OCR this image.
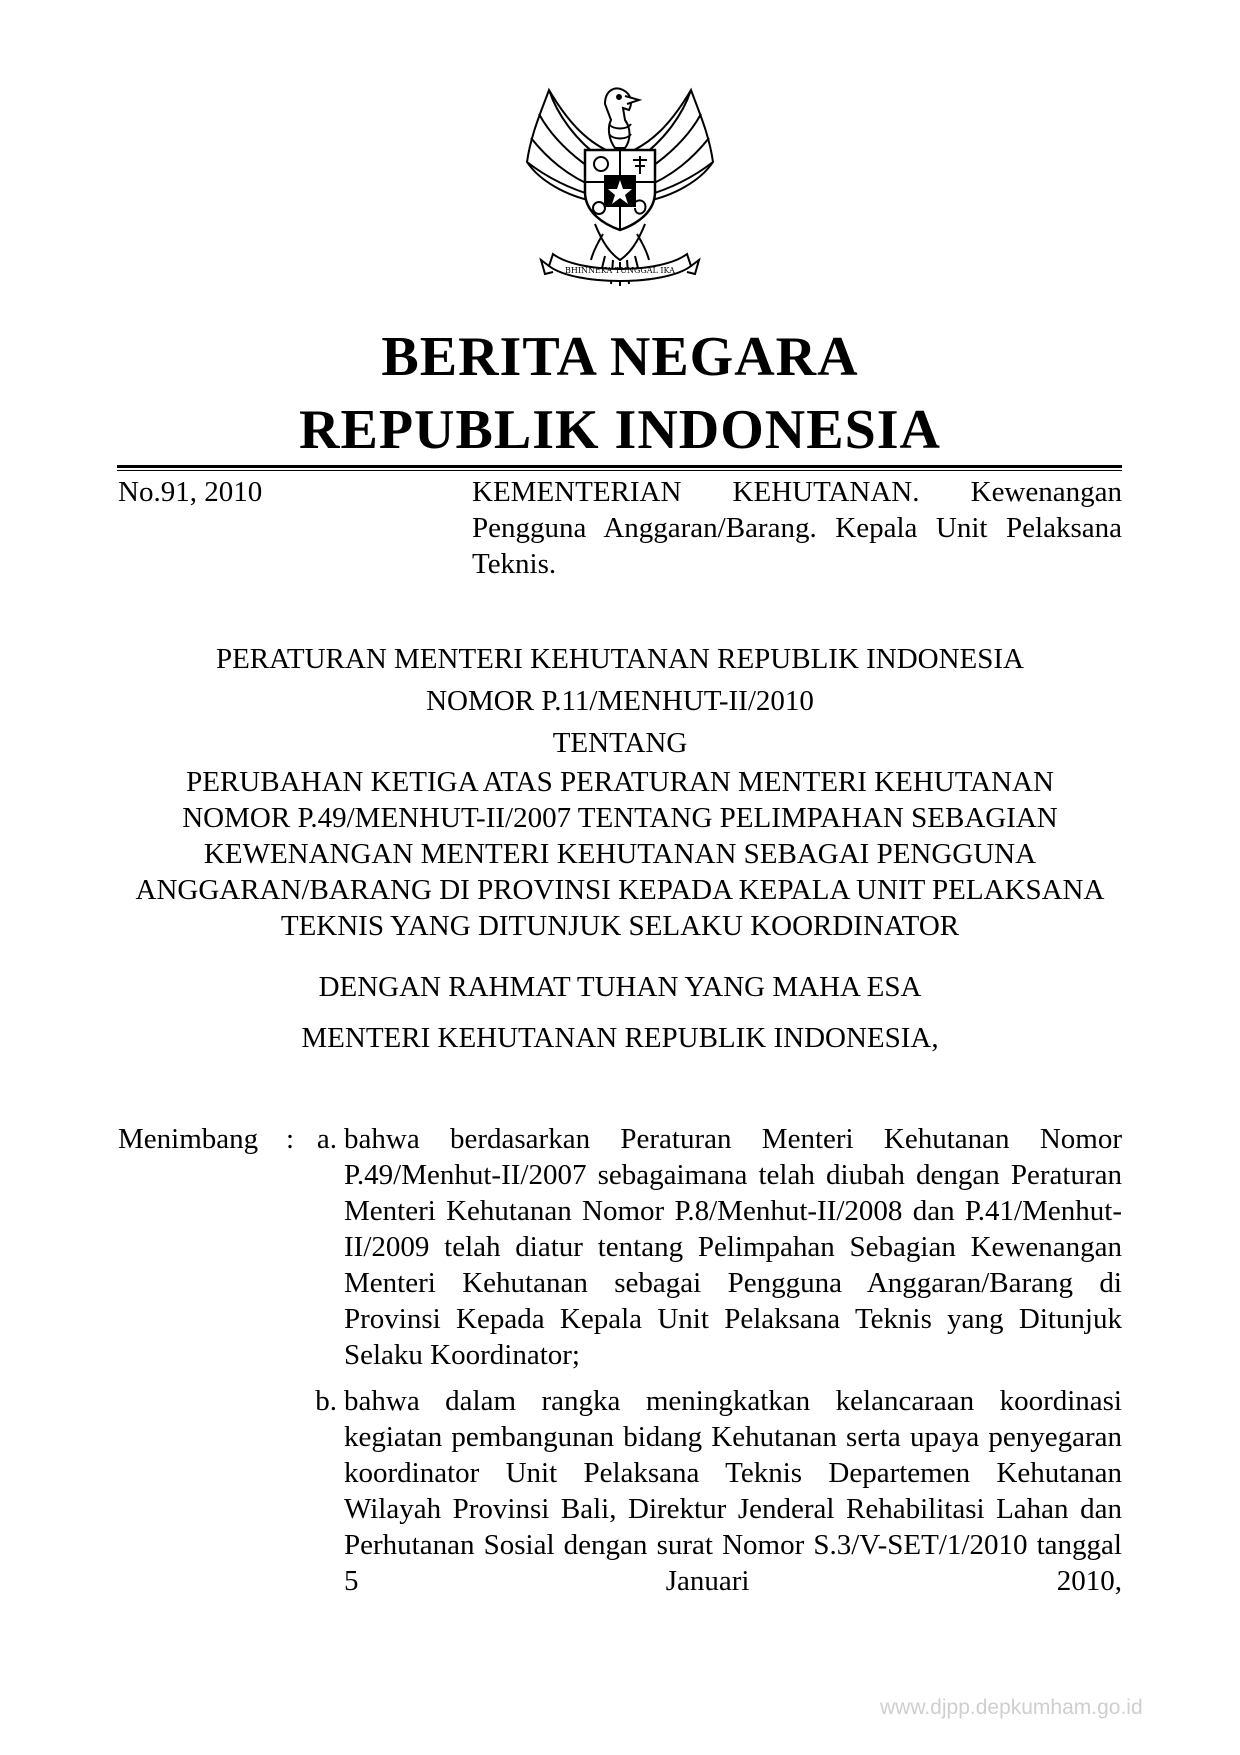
BHINNEKA TUNGGAL IKA
BERITA NEGARA
REPUBLIK INDONESIA
No.91, 2010	KEMENTERIAN KEHUTANAN. Kewenangan Pengguna Anggaran/Barang. Kepala Unit Pelaksana Teknis.
PERATURAN MENTERI KEHUTANAN REPUBLIK INDONESIA
NOMOR P.11/MENHUT-II/2010
TENTANG
PERUBAHAN KETIGA ATAS PERATURAN MENTERI KEHUTANAN NOMOR P.49/MENHUT-II/2007 TENTANG PELIMPAHAN SEBAGIAN KEWENANGAN MENTERI KEHUTANAN SEBAGAI PENGGUNA ANGGARAN/BARANG DI PROVINSI KEPADA KEPALA UNIT PELAKSANA TEKNIS YANG DITUNJUK SELAKU KOORDINATOR
DENGAN RAHMAT TUHAN YANG MAHA ESA
MENTERI KEHUTANAN REPUBLIK INDONESIA,
Menimbang : a. bahwa berdasarkan Peraturan Menteri Kehutanan Nomor P.49/Menhut-II/2007 sebagaimana telah diubah dengan Peraturan Menteri Kehutanan Nomor P.8/Menhut-II/2008 dan P.41/Menhut-II/2009 telah diatur tentang Pelimpahan Sebagian Kewenangan Menteri Kehutanan sebagai Pengguna Anggaran/Barang di Provinsi Kepada Kepala Unit Pelaksana Teknis yang Ditunjuk Selaku Koordinator;
b. bahwa dalam rangka meningkatkan kelancaraan koordinasi kegiatan pembangunan bidang Kehutanan serta upaya penyegaran koordinator Unit Pelaksana Teknis Departemen Kehutanan Wilayah Provinsi Bali, Direktur Jenderal Rehabilitasi Lahan dan Perhutanan Sosial dengan surat Nomor S.3/V-SET/1/2010 tanggal 5 Januari 2010,
www.djpp.depkumham.go.id
